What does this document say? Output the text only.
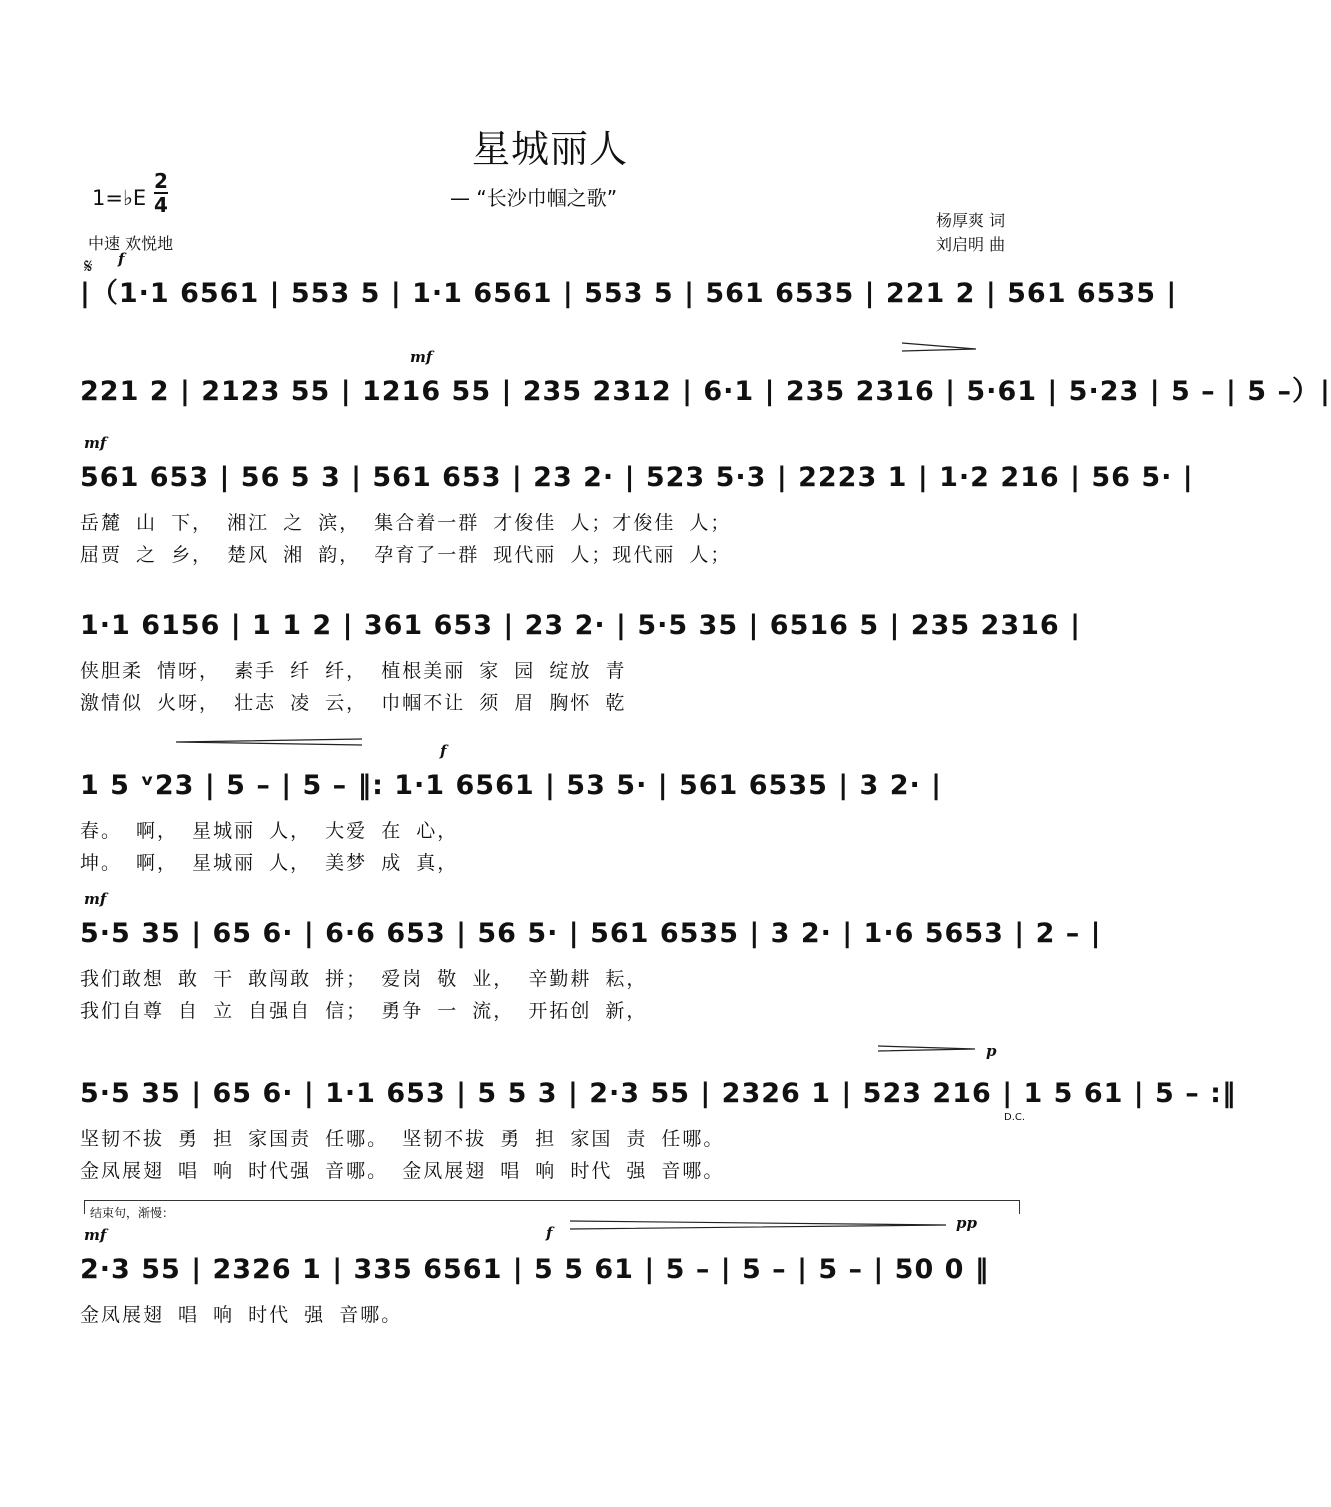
星城丽人
— “长沙巾帼之歌”
1=♭E $\frac{2}{4}$
杨厚爽 词
刘启明 曲
中速 欢悦地
𝄋 f
|（1·1 6561 | 553 5 | 1·1 6561 | 553 5 | 561 6535 | 221 2 | 561 6535 |
mf
221 2 | 2123 55 | 1216 55 | 235 2312 | 6·1 | 235 2316 | 5·61 | 5·23 | 5 – | 5 –）|
mf
561 653 | 56 5 3 | 561 653 | 23 2· | 523 5·3 | 2223 1 | 1·2 216 | 56 5· |
岳麓 山 下， 湘江 之 滨， 集合着一群 才俊佳 人；才俊佳 人；
屈贾 之 乡， 楚风 湘 韵， 孕育了一群 现代丽 人；现代丽 人；
1·1 6156 | 1 1 2 | 361 653 | 23 2· | 5·5 35 | 6516 5 | 235 2316 |
侠胆柔 情呀， 素手 纤 纤， 植根美丽 家 园 绽放 青
激情似 火呀， 壮志 凌 云， 巾帼不让 须 眉 胸怀 乾
f
1 5 ᵛ23 | 5 – | 5 – ‖: 1·1 6561 | 53 5· | 561 6535 | 3 2· |
春。 啊， 星城丽 人， 大爱 在 心，
坤。 啊， 星城丽 人， 美梦 成 真，
mf
5·5 35 | 65 6· | 6·6 653 | 56 5· | 561 6535 | 3 2· | 1·6 5653 | 2 – |
我们敢想 敢 干 敢闯敢 拼； 爱岗 敬 业， 辛勤耕 耘，
我们自尊 自 立 自强自 信； 勇争 一 流， 开拓创 新，
p
5·5 35 | 65 6· | 1·1 653 | 5 5 3 | 2·3 55 | 2326 1 | 523 216 | 1 5 61 | 5 – :‖
D.C.
坚韧不拔 勇 担 家国责 任哪。 坚韧不拔 勇 担 家国 责 任哪。
金凤展翅 唱 响 时代强 音哪。 金凤展翅 唱 响 时代 强 音哪。
结束句，渐慢：
mf	f
pp
2·3 55 | 2326 1 | 335 6561 | 5 5 61 | 5 – | 5 – | 5 – | 50 0 ‖
金凤展翅 唱 响 时代 强 音哪。
